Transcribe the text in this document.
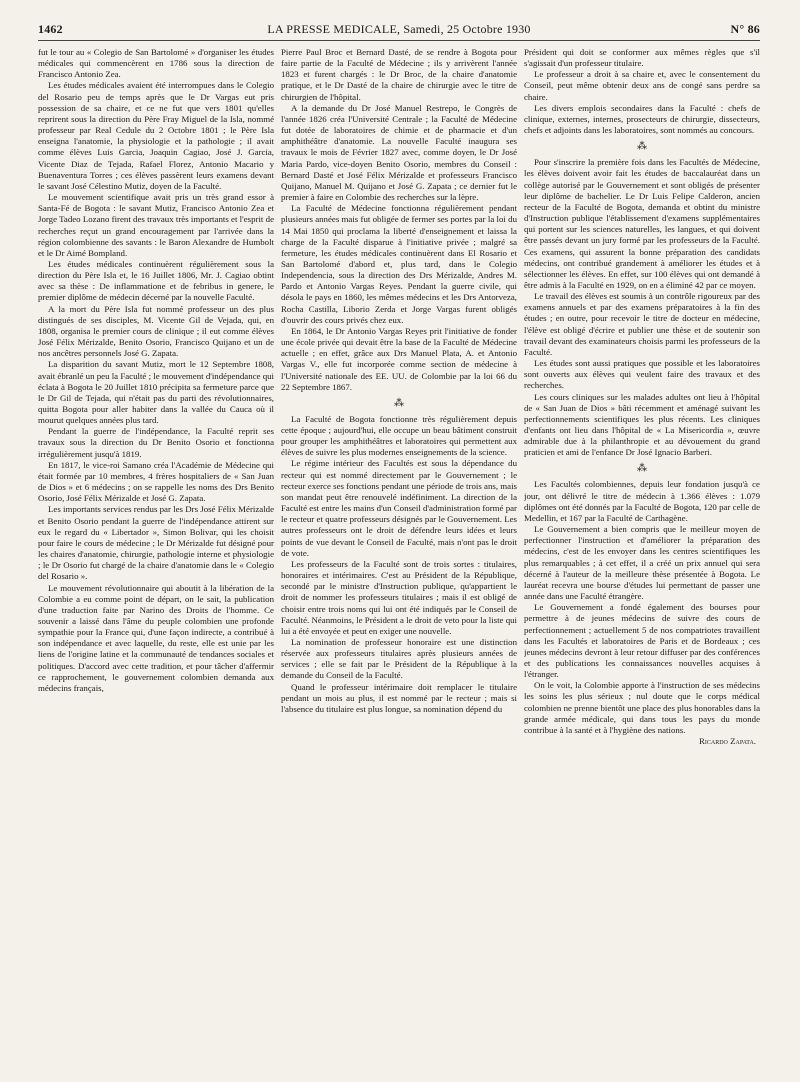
1462	LA PRESSE MEDICALE, Samedi, 25 Octobre 1930	N° 86

fut le tour au « Colegio de San Bartolomé » d'organiser les études médicales qui commencèrent en 1786 sous la direction de Francisco Antonio Zea.

Les études médicales avaient été interrompues dans le Colegio del Rosario peu de temps après que le Dr Vargas eut pris possession de sa chaire, et ce ne fut que vers 1801 qu'elles reprirent sous la direction du Père Fray Miguel de la Isla, nommé professeur par Real Cedule du 2 Octobre 1801 ; le Père Isla enseigna l'anatomie, la physiologie et la pathologie ; il avait comme élèves Luis Garcia, Joaquin Cagiao, José J. Garcia, Vicente Diaz de Tejada, Rafael Florez, Antonio Macario y Buenaventura Torres ; ces élèves passèrent leurs examens devant le savant José Célestino Mutiz, doyen de la Faculté.

Le mouvement scientifique avait pris un très grand essor à Santa-Fé de Bogota : le savant Mutiz, Francisco Antonio Zea et Jorge Tadeo Lozano firent des travaux très importants et l'esprit de recherches reçut un grand encouragement par l'arrivée dans la région colombienne des savants : le Baron Alexandre de Humbolt et le Dr Aimé Bompland.

Les études médicales continuèrent régulièrement sous la direction du Père Isla et, le 16 Juillet 1806, Mr. J. Cagiao obtint avec sa thèse : De inflammatione et de febribus in genere, le premier diplôme de médecin décerné par la nouvelle Faculté.

A la mort du Père Isla fut nommé professeur un des plus distingués de ses disciples, M. Vicente Gil de Vejada, qui, en 1808, organisa le premier cours de clinique ; il eut comme élèves José Félix Mérizalde, Benito Osorio, Francisco Quijano et un de nos ancêtres personnels José G. Zapata.

La disparition du savant Mutiz, mort le 12 Septembre 1808, avait ébranlé un peu la Faculté ; le mouvement d'indépendance qui éclata à Bogota le 20 Juillet 1810 précipita sa fermeture parce que le Dr Gil de Tejada, qui n'était pas du parti des révolutionnaires, quitta Bogota pour aller habiter dans la vallée du Cauca où il mourut quelques années plus tard.

Pendant la guerre de l'indépendance, la Faculté reprit ses travaux sous la direction du Dr Benito Osorio et fonctionna irrégulièrement jusqu'à 1819.

En 1817, le vice-roi Samano créa l'Académie de Médecine qui était formée par 10 membres, 4 frères hospitaliers de « San Juan de Dios » et 6 médecins ; on se rappelle les noms des Drs Benito Osorio, José Félix Mérizalde et José G. Zapata.

Les importants services rendus par les Drs José Félix Mérizalde et Benito Osorio pendant la guerre de l'indépendance attirent sur eux le regard du « Libertador », Simon Bolivar, qui les choisit pour faire le cours de médecine ; le Dr Mérizalde fut désigné pour les chaires d'anatomie, chirurgie, pathologie interne et physiologie ; le Dr Osorio fut chargé de la chaire d'anatomie dans le « Colegio del Rosario ».

Le mouvement révolutionnaire qui aboutit à la libération de la Colombie a eu comme point de départ, on le sait, la publication d'une traduction faite par Narino des Droits de l'homme. Ce souvenir a laissé dans l'âme du peuple colombien une profonde sympathie pour la France qui, d'une façon indirecte, a contribué à son indépendance et avec laquelle, du reste, elle est unie par les liens de l'origine latine et la communauté de tendances sociales et politiques. D'accord avec cette tradition, et pour tâcher d'affermir ce rapprochement, le gouvernement colombien demanda aux médecins français,

Pierre Paul Broc et Bernard Dasté, de se rendre à Bogota pour faire partie de la Faculté de Médecine ; ils y arrivèrent l'année 1823 et furent chargés : le Dr Broc, de la chaire d'anatomie pratique, et le Dr Dasté de la chaire de chirurgie avec le titre de chirurgien de l'hôpital.

A la demande du Dr José Manuel Restrepo, le Congrès de l'année 1826 créa l'Université Centrale ; la Faculté de Médecine fut dotée de laboratoires de chimie et de pharmacie et d'un amphithéâtre d'anatomie. La nouvelle Faculté inaugura ses travaux le mois de Février 1827 avec, comme doyen, le Dr José Maria Pardo, vice-doyen Benito Osorio, membres du Conseil : Bernard Dasté et José Félix Mérizalde et professeurs Francisco Quijano, Manuel M. Quijano et José G. Zapata ; ce dernier fut le premier à faire en Colombie des recherches sur la lèpre.

La Faculté de Médecine fonctionna régulièrement pendant plusieurs années mais fut obligée de fermer ses portes par la loi du 14 Mai 1850 qui proclama la liberté d'enseignement et laissa la charge de la Faculté disparue à l'initiative privée ; malgré sa fermeture, les études médicales continuèrent dans El Rosario et San Bartolomé d'abord et, plus tard, dans le Colegio Independencia, sous la direction des Drs Mérizalde, Andres M. Pardo et Antonio Vargas Reyes. Pendant la guerre civile, qui désola le pays en 1860, les mêmes médecins et les Drs Antorveza, Rocha Castilla, Liborio Zerda et Jorge Vargas furent obligés d'ouvrir des cours privés chez eux.

En 1864, le Dr Antonio Vargas Reyes prit l'initiative de fonder une école privée qui devait être la base de la Faculté de Médecine actuelle ; en effet, grâce aux Drs Manuel Plata, A. et Antonio Vargas V., elle fut incorporée comme section de médecine à l'Université nationale des EE. UU. de Colombie par la loi 66 du 22 Septembre 1867.

⁂

La Faculté de Bogota fonctionne très régulièrement depuis cette époque ; aujourd'hui, elle occupe un beau bâtiment construit pour grouper les amphithéâtres et laboratoires qui permettent aux élèves de suivre les plus modernes enseignements de la science.

Le régime intérieur des Facultés est sous la dépendance du recteur qui est nommé directement par le Gouvernement ; le recteur exerce ses fonctions pendant une période de trois ans, mais son mandat peut être renouvelé indéfiniment. La direction de la Faculté est entre les mains d'un Conseil d'administration formé par le recteur et quatre professeurs désignés par le Gouvernement. Les autres professeurs ont le droit de défendre leurs idées et leurs points de vue devant le Conseil de Faculté, mais n'ont pas le droit de vote.

Les professeurs de la Faculté sont de trois sortes : titulaires, honoraires et intérimaires. C'est au Président de la République, secondé par le ministre d'Instruction publique, qu'appartient le droit de nommer les professeurs titulaires ; mais il est obligé de choisir entre trois noms qui lui ont été indiqués par le Conseil de Faculté. Néanmoins, le Président a le droit de veto pour la liste qui lui a été envoyée et peut en exiger une nouvelle.

La nomination de professeur honoraire est une distinction réservée aux professeurs titulaires après plusieurs années de services ; elle se fait par le Président de la République à la demande du Conseil de la Faculté.

Quand le professeur intérimaire doit remplacer le titulaire pendant un mois au plus, il est nommé par le recteur ; mais si l'absence du titulaire est plus longue, sa nomination dépend du

Président qui doit se conformer aux mêmes règles que s'il s'agissait d'un professeur titulaire.

Le professeur a droit à sa chaire et, avec le consentement du Conseil, peut même obtenir deux ans de congé sans perdre sa chaire.

Les divers emplois secondaires dans la Faculté : chefs de clinique, externes, internes, prosecteurs de chirurgie, dissecteurs, chefs et adjoints dans les laboratoires, sont nommés au concours.

⁂

Pour s'inscrire la première fois dans les Facultés de Médecine, les élèves doivent avoir fait les études de baccalauréat dans un collège autorisé par le Gouvernement et sont obligés de présenter leur diplôme de bachelier. Le Dr Luis Felipe Calderon, ancien recteur de la Faculté de Bogota, demanda et obtint du ministre d'Instruction publique l'établissement d'examens supplémentaires qui portent sur les sciences naturelles, les langues, et qui doivent être passés devant un jury formé par les professeurs de la Faculté. Ces examens, qui assurent la bonne préparation des candidats médecins, ont contribué grandement à améliorer les études et à sélectionner les élèves. En effet, sur 100 élèves qui ont demandé à être admis à la Faculté en 1929, on en a éliminé 42 par ce moyen.

Le travail des élèves est soumis à un contrôle rigoureux par des examens annuels et par des examens préparatoires à la fin des études ; en outre, pour recevoir le titre de docteur en médecine, l'élève est obligé d'écrire et publier une thèse et de soutenir son travail devant des examinateurs choisis parmi les professeurs de la Faculté.

Les études sont aussi pratiques que possible et les laboratoires sont ouverts aux élèves qui veulent faire des travaux et des recherches.

Les cours cliniques sur les malades adultes ont lieu à l'hôpital de « San Juan de Dios » bâti récemment et aménagé suivant les perfectionnements scientifiques les plus récents. Les cliniques d'enfants ont lieu dans l'hôpital de « La Misericordia », œuvre admirable due à la philanthropie et au dévouement du grand praticien et ami de l'enfance Dr José Ignacio Barberi.

⁂

Les Facultés colombiennes, depuis leur fondation jusqu'à ce jour, ont délivré le titre de médecin à 1.366 élèves : 1.079 diplômes ont été donnés par la Faculté de Bogota, 120 par celle de Medellin, et 167 par la Faculté de Carthagène.

Le Gouvernement a bien compris que le meilleur moyen de perfectionner l'instruction et d'améliorer la préparation des médecins, c'est de les envoyer dans les centres scientifiques les plus remarquables ; à cet effet, il a créé un prix annuel qui sera décerné à l'auteur de la meilleure thèse présentée à Bogota. Le lauréat recevra une bourse d'études lui permettant de passer une année dans une Faculté étrangère.

Le Gouvernement a fondé également des bourses pour permettre à de jeunes médecins de suivre des cours de perfectionnement ; actuellement 5 de nos compatriotes travaillent dans les Facultés et laboratoires de Paris et de Bordeaux ; ces jeunes médecins devront à leur retour diffuser par des conférences et des publications les connaissances nouvelles acquises à l'étranger.

On le voit, la Colombie apporte à l'instruction de ses médecins les soins les plus sérieux ; nul doute que le corps médical colombien ne prenne bientôt une place des plus honorables dans la grande armée médicale, qui dans tous les pays du monde contribue à la santé et à l'hygiène des nations.

Ricardo Zapata.
